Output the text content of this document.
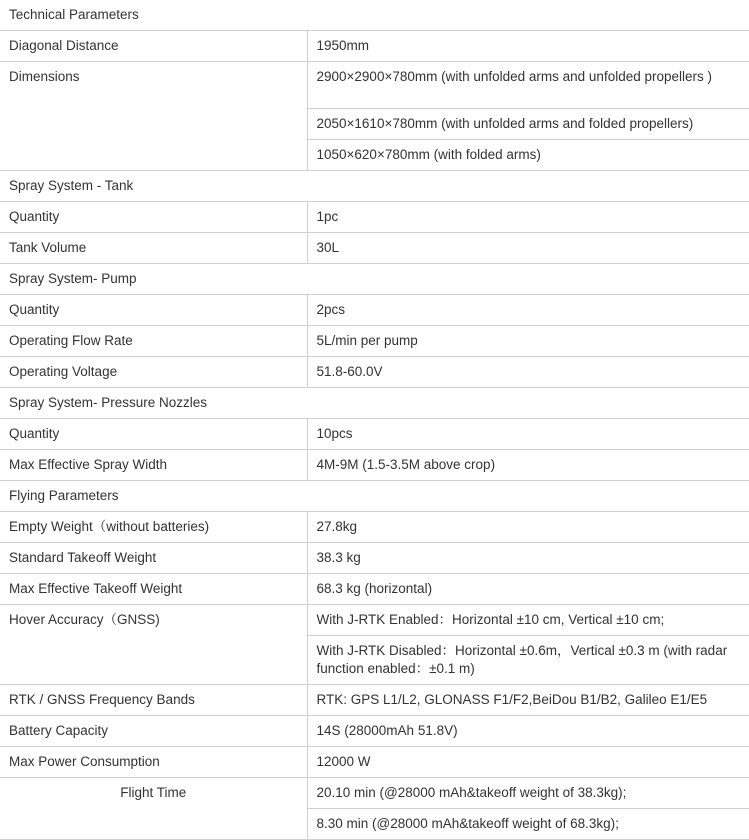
Technical Parameters	
Diagonal Distance	1950mm
Dimensions	2900×2900×780mm (with unfolded arms and unfolded propellers )
	2050×1610×780mm (with unfolded arms and folded propellers)
	1050×620×780mm (with folded arms)
Spray System - Tank	
Quantity	1pc
Tank Volume	30L
Spray System- Pump	
Quantity	2pcs
Operating Flow Rate	5L/min per pump
Operating Voltage	51.8-60.0V
Spray System- Pressure Nozzles	
Quantity	10pcs
Max Effective Spray Width	4M-9M (1.5-3.5M above crop)
Flying Parameters	
Empty Weight（without batteries)	27.8kg
Standard Takeoff Weight	38.3 kg
Max Effective Takeoff Weight	68.3 kg (horizontal)
Hover Accuracy（GNSS)	With J-RTK Enabled：Horizontal ±10 cm, Vertical ±10 cm;
	With J-RTK Disabled：Horizontal ±0.6m，Vertical ±0.3 m (with radar function enabled：±0.1 m)
RTK / GNSS Frequency Bands	RTK: GPS L1/L2, GLONASS F1/F2,BeiDou B1/B2, Galileo E1/E5
Battery Capacity	14S (28000mAh 51.8V)
Max Power Consumption	12000 W
Flight Time	20.10 min (@28000 mAh&takeoff weight of 38.3kg);
	8.30 min (@28000 mAh&takeoff weight of 68.3kg);
